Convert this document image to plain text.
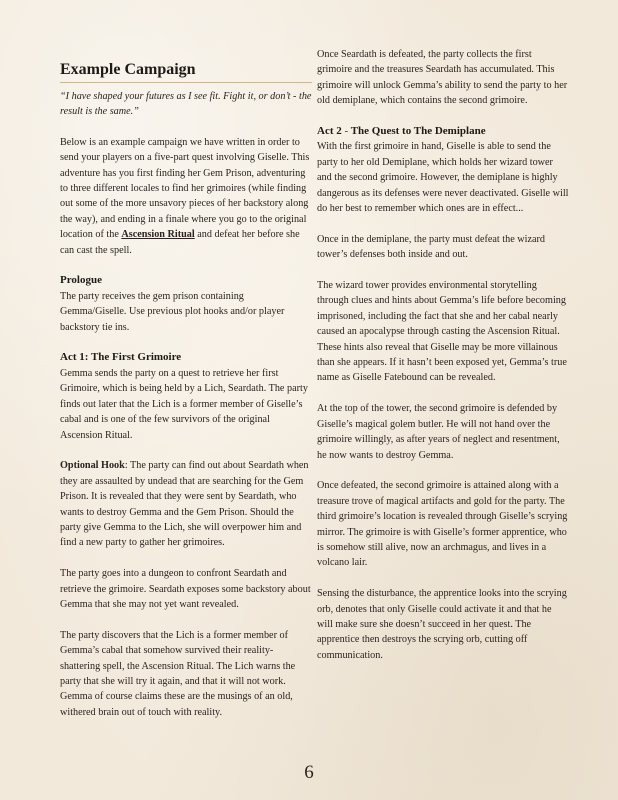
Example Campaign

“I have shaped your futures as I see fit. Fight it, or don’t - the result is the same.”

Below is an example campaign we have written in order to send your players on a five-part quest involving Giselle. This adventure has you first finding her Gem Prison, adventuring to three different locales to find her grimoires (while finding out some of the more unsavory pieces of her backstory along the way), and ending in a finale where you go to the original location of the Ascension Ritual and defeat her before she can cast the spell.

Prologue

The party receives the gem prison containing Gemma/Giselle. Use previous plot hooks and/or player backstory tie ins.

Act 1: The First Grimoire

Gemma sends the party on a quest to retrieve her first Grimoire, which is being held by a Lich, Seardath. The party finds out later that the Lich is a former member of Giselle’s cabal and is one of the few survivors of the original Ascension Ritual.

Optional Hook: The party can find out about Seardath when they are assaulted by undead that are searching for the Gem Prison. It is revealed that they were sent by Seardath, who wants to destroy Gemma and the Gem Prison. Should the party give Gemma to the Lich, she will overpower him and find a new party to gather her grimoires.

The party goes into a dungeon to confront Seardath and retrieve the grimoire. Seardath exposes some backstory about Gemma that she may not yet want revealed.

The party discovers that the Lich is a former member of Gemma’s cabal that somehow survived their reality-shattering spell, the Ascension Ritual. The Lich warns the party that she will try it again, and that it will not work. Gemma of course claims these are the musings of an old, withered brain out of touch with reality.

Once Seardath is defeated, the party collects the first grimoire and the treasures Seardath has accumulated. This grimoire will unlock Gemma’s ability to send the party to her old demiplane, which contains the second grimoire.

Act 2 - The Quest to The Demiplane

With the first grimoire in hand, Giselle is able to send the party to her old Demiplane, which holds her wizard tower and the second grimoire. However, the demiplane is highly dangerous as its defenses were never deactivated. Giselle will do her best to remember which ones are in effect...

Once in the demiplane, the party must defeat the wizard tower’s defenses both inside and out.

The wizard tower provides environmental storytelling through clues and hints about Gemma’s life before becoming imprisoned, including the fact that she and her cabal nearly caused an apocalypse through casting the Ascension Ritual. These hints also reveal that Giselle may be more villainous than she appears. If it hasn’t been exposed yet, Gemma’s true name as Giselle Fatebound can be revealed.

At the top of the tower, the second grimoire is defended by Giselle’s magical golem butler. He will not hand over the grimoire willingly, as after years of neglect and resentment, he now wants to destroy Gemma.

Once defeated, the second grimoire is attained along with a treasure trove of magical artifacts and gold for the party. The third grimoire’s location is revealed through Giselle’s scrying mirror. The grimoire is with Giselle’s former apprentice, who is somehow still alive, now an archmagus, and lives in a volcano lair.

Sensing the disturbance, the apprentice looks into the scrying orb, denotes that only Giselle could activate it and that he will make sure she doesn’t succeed in her quest. The apprentice then destroys the scrying orb, cutting off communication.

6
